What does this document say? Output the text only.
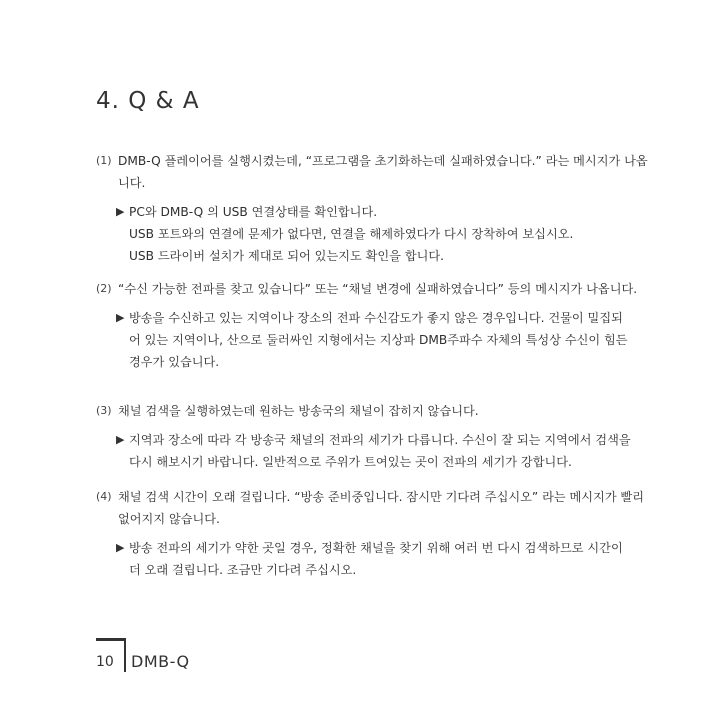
4. Q & A
(1) DMB-Q 플레이어를 실행시켰는데, “프로그램을 초기화하는데 실패하였습니다.” 라는 메시지가 나옵니다.
▶ PC와 DMB-Q 의 USB 연결상태를 확인합니다.
USB 포트와의 연결에 문제가 없다면, 연결을 해제하였다가 다시 장착하여 보십시오.
USB 드라이버 설치가 제대로 되어 있는지도 확인을 합니다.
(2) “수신 가능한 전파를 찾고 있습니다” 또는 “채널 변경에 실패하였습니다” 등의 메시지가 나옵니다.
▶ 방송을 수신하고 있는 지역이나 장소의 전파 수신감도가 좋지 않은 경우입니다. 건물이 밀집되
어 있는 지역이나, 산으로 둘러싸인 지형에서는 지상파 DMB주파수 자체의 특성상 수신이 힘든
경우가 있습니다.
(3) 채널 검색을 실행하였는데 원하는 방송국의 채널이 잡히지 않습니다.
▶ 지역과 장소에 따라 각 방송국 채널의 전파의 세기가 다릅니다. 수신이 잘 되는 지역에서 검색을
다시 해보시기 바랍니다. 일반적으로 주위가 트여있는 곳이 전파의 세기가 강합니다.
(4) 채널 검색 시간이 오래 걸립니다. “방송 준비중입니다. 잠시만 기다려 주십시오” 라는 메시지가 빨리 없어지지 않습니다.
▶ 방송 전파의 세기가 약한 곳일 경우, 정확한 채널을 찾기 위해 여러 번 다시 검색하므로 시간이
더 오래 걸립니다. 조금만 기다려 주십시오.
10 DMB-Q
